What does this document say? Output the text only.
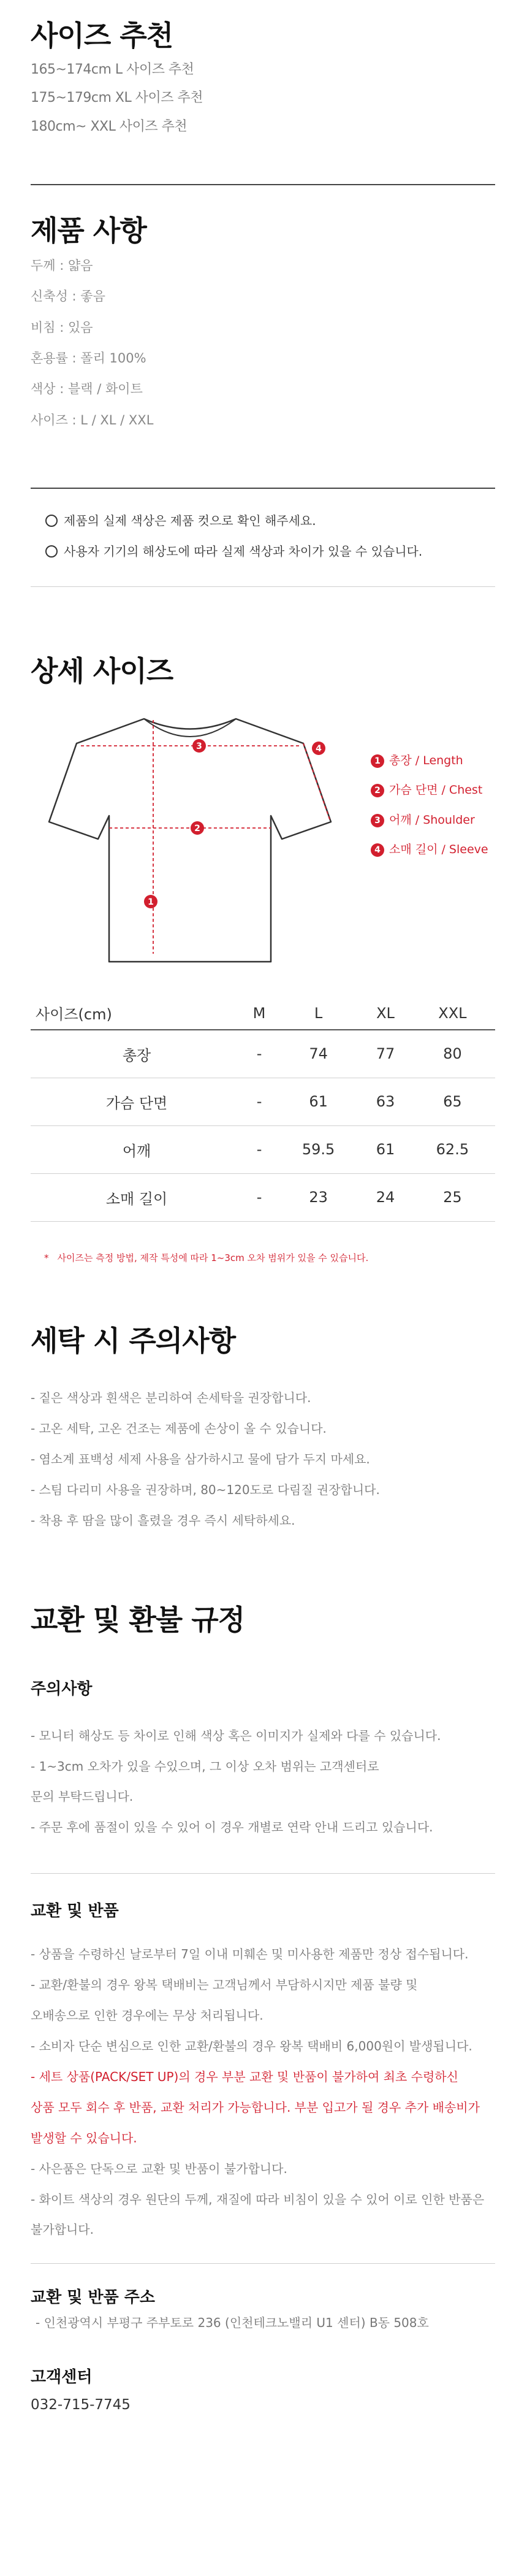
사이즈 추천
165~174cm L 사이즈 추천
175~179cm XL 사이즈 추천
180cm~ XXL 사이즈 추천
제품 사항
두께 : 얇음
신축성 : 좋음
비침 : 있음
혼용률 : 폴리 100%
색상 : 블랙 / 화이트
사이즈 : L / XL / XXL
제품의 실제 색상은 제품 컷으로 확인 해주세요.
사용자 기기의 해상도에 따라 실제 색상과 차이가 있을 수 있습니다.
상세 사이즈
1
2
3	4
1 총장 / Length
2 가슴 단면 / Chest
3 어깨 / Shoulder
4 소매 길이 / Sleeve
사이즈(cm)	M	L	XL	XXL
총장	-	74	77	80
가슴 단면	-	61	63	65
어깨	-	59.5	61	62.5
소매 길이	-	23	24	25
* 사이즈는 측정 방법, 제작 특성에 따라 1~3cm 오차 범위가 있을 수 있습니다.
세탁 시 주의사항
- 짙은 색상과 흰색은 분리하여 손세탁을 권장합니다.
- 고온 세탁, 고온 건조는 제품에 손상이 올 수 있습니다.
- 염소계 표백성 세제 사용을 삼가하시고 물에 담가 두지 마세요.
- 스팀 다리미 사용을 권장하며, 80~120도로 다림질 권장합니다.
- 착용 후 땀을 많이 흘렸을 경우 즉시 세탁하세요.
교환 및 환불 규정
주의사항
- 모니터 해상도 등 차이로 인해 색상 혹은 이미지가 실제와 다를 수 있습니다.
- 1~3cm 오차가 있을 수있으며, 그 이상 오차 범위는 고객센터로
문의 부탁드립니다.
- 주문 후에 품절이 있을 수 있어 이 경우 개별로 연락 안내 드리고 있습니다.
교환 및 반품
- 상품을 수령하신 날로부터 7일 이내 미훼손 및 미사용한 제품만 정상 접수됩니다.
- 교환/환불의 경우 왕복 택배비는 고객님께서 부담하시지만 제품 불량 및
오배송으로 인한 경우에는 무상 처리됩니다.
- 소비자 단순 변심으로 인한 교환/환불의 경우 왕복 택배비 6,000원이 발생됩니다.
- 세트 상품(PACK/SET UP)의 경우 부분 교환 및 반품이 불가하여 최초 수령하신
상품 모두 회수 후 반품, 교환 처리가 가능합니다. 부분 입고가 될 경우 추가 배송비가
발생할 수 있습니다.
- 사은품은 단독으로 교환 및 반품이 불가합니다.
- 화이트 색상의 경우 원단의 두께, 재질에 따라 비침이 있을 수 있어 이로 인한 반품은
불가합니다.
교환 및 반품 주소
- 인천광역시 부평구 주부토로 236 (인천테크노밸리 U1 센터) B동 508호
고객센터
032-715-7745
